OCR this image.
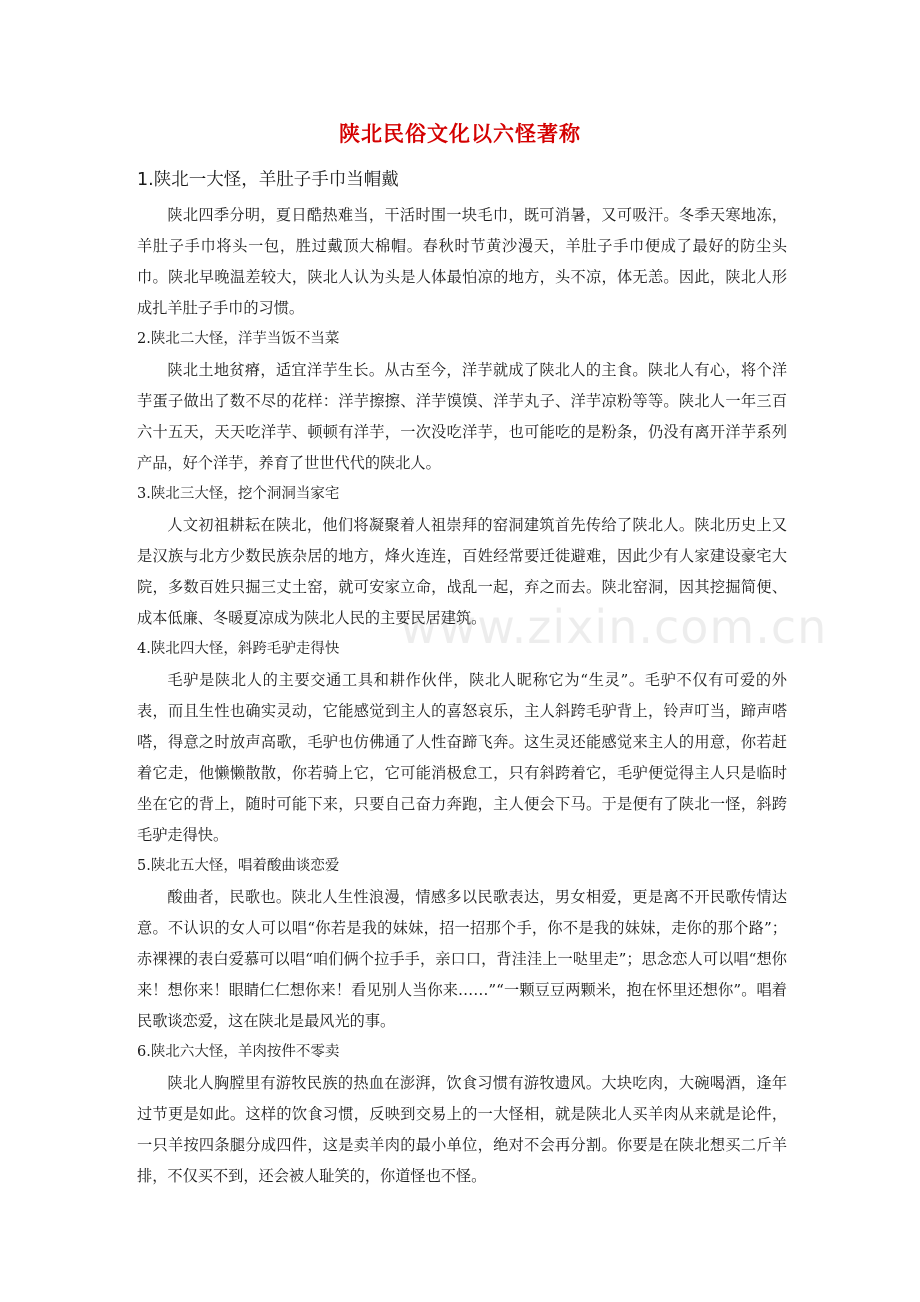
陕北民俗文化以六怪著称
1.陕北一大怪，羊肚子手巾当帽戴

陕北四季分明，夏日酷热难当，干活时围一块毛巾，既可消暑，又可吸汗。冬季天寒地冻，羊肚子手巾将头一包，胜过戴顶大棉帽。春秋时节黄沙漫天，羊肚子手巾便成了最好的防尘头巾。陕北早晚温差较大，陕北人认为头是人体最怕凉的地方，头不凉，体无恙。因此，陕北人形成扎羊肚子手巾的习惯。

2.陕北二大怪，洋芋当饭不当菜

陕北土地贫瘠，适宜洋芋生长。从古至今，洋芋就成了陕北人的主食。陕北人有心，将个洋芋蛋子做出了数不尽的花样：洋芋擦擦、洋芋馍馍、洋芋丸子、洋芋凉粉等等。陕北人一年三百六十五天，天天吃洋芋、顿顿有洋芋，一次没吃洋芋，也可能吃的是粉条，仍没有离开洋芋系列产品，好个洋芋，养育了世世代代的陕北人。

3.陕北三大怪，挖个洞洞当家宅

人文初祖耕耘在陕北，他们将凝聚着人祖崇拜的窑洞建筑首先传给了陕北人。陕北历史上又是汉族与北方少数民族杂居的地方，烽火连连，百姓经常要迁徙避难，因此少有人家建设豪宅大院，多数百姓只掘三丈土窑，就可安家立命，战乱一起，弃之而去。陕北窑洞，因其挖掘简便、成本低廉、冬暖夏凉成为陕北人民的主要民居建筑。

4.陕北四大怪，斜跨毛驴走得快

毛驴是陕北人的主要交通工具和耕作伙伴，陕北人昵称它为“生灵”。毛驴不仅有可爱的外表，而且生性也确实灵动，它能感觉到主人的喜怒哀乐，主人斜跨毛驴背上，铃声叮当，蹄声嗒嗒，得意之时放声高歌，毛驴也仿佛通了人性奋蹄飞奔。这生灵还能感觉来主人的用意，你若赶着它走，他懒懒散散，你若骑上它，它可能消极怠工，只有斜跨着它，毛驴便觉得主人只是临时坐在它的背上，随时可能下来，只要自己奋力奔跑，主人便会下马。于是便有了陕北一怪，斜跨毛驴走得快。

5.陕北五大怪，唱着酸曲谈恋爱

酸曲者，民歌也。陕北人生性浪漫，情感多以民歌表达，男女相爱，更是离不开民歌传情达意。不认识的女人可以唱“你若是我的妹妹，招一招那个手，你不是我的妹妹，走你的那个路”；赤裸裸的表白爱慕可以唱“咱们俩个拉手手，亲口口，背洼洼上一哒里走”；思念恋人可以唱“想你来！想你来！眼睛仁仁想你来！看见别人当你来……”“一颗豆豆两颗米，抱在怀里还想你”。唱着民歌谈恋爱，这在陕北是最风光的事。

6.陕北六大怪，羊肉按件不零卖

陕北人胸膛里有游牧民族的热血在澎湃，饮食习惯有游牧遗风。大块吃肉，大碗喝酒，逢年过节更是如此。这样的饮食习惯，反映到交易上的一大怪相，就是陕北人买羊肉从来就是论件，一只羊按四条腿分成四件，这是卖羊肉的最小单位，绝对不会再分割。你要是在陕北想买二斤羊排，不仅买不到，还会被人耻笑的，你道怪也不怪。

www.zixin.com.cn
